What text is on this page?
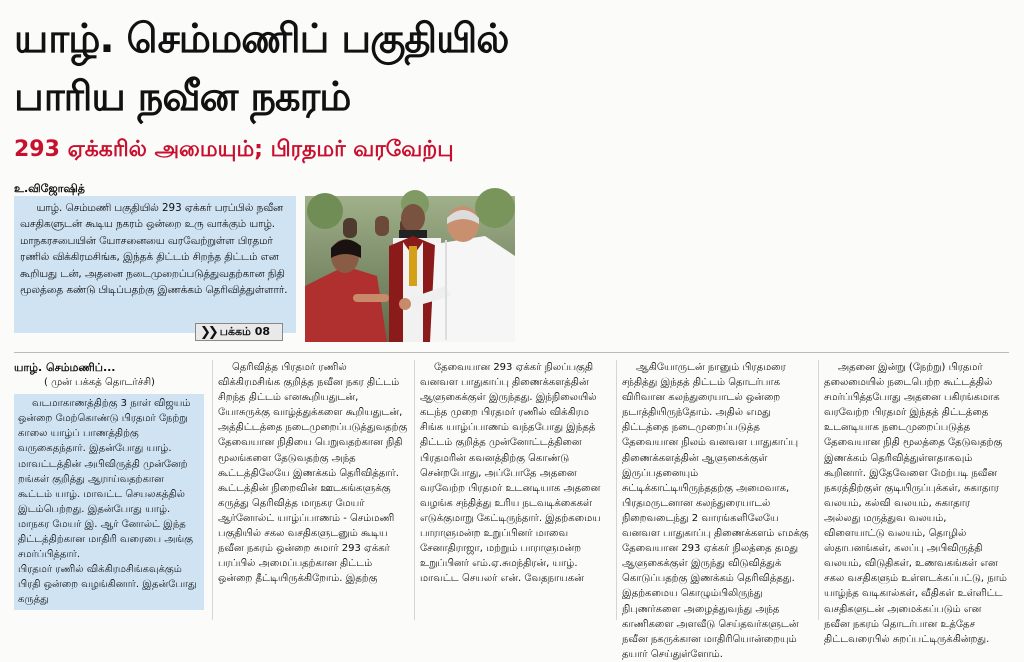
யாழ். செம்மணிப் பகுதியில்
பாரிய நவீன நகரம்
293 ஏக்கரில் அமையும்; பிரதமர் வரவேற்பு
உ.விஜோஷித்

யாழ். செம்மணி பகுதியில் 293 ஏக்கர் பரப்பில் நவீன வசதிகளுடன் கூடிய நகரம் ஒன்றை உரு வாக்கும் யாழ். மாநகரசபையின் யோசனையை வரவேற்றுள்ள பிரதமர் ரணில் விக்கிரமசிங்க, இந்தக் திட்டம் சிறந்த திட்டம் என கூறியது டன், அதனை நடைமுறைப்படுத்துவதற்கான நிதி மூலத்தை கண்டு பிடிப்பதற்கு இணக்கம் தெரிவித்துள்ளார்.

❯❯ பக்கம் 08

யாழ். செம்மணிப்...

( முன் பக்கத் தொடர்ச்சி)

வடமாகாணத்திற்கு 3 நாள் விஜயம் ஒன்றை மேற்கொண்டு பிரதமர் நேற்று காலை யாழ்ப் பாணத்திற்கு வருகைதந்தார். இதன்போது யாழ். மாவட்டத்தின் அபிவிருத்தி முன்னேற் றங்கள் குறித்து ஆராய்வதற்கான கூட்டம் யாழ். மாவட்ட செயலகத்தில் இடம்பெற்றது. இதன்போது யாழ். மாநகர மேயர் இ. ஆர் னோல்ட் இந்த திட்டத்திற்கான மாதிரி வரைபை அங்கு சமர்ப்பித்தார்.
பிரதமர் ரணில் விக்கிரமசிங்கவுக்கும் பிரதி ஒன்றை வழங்கினார். இதன்போது கருத்து

தெரிவித்த பிரதமர் ரணில் விக்கிரமசிங்க குறித்த நவீன நகர திட்டம் சிறந்த திட்டம் எனகூறியதுடன், யோசுருக்கு வாழ்த்துக்களை கூறியதுடன், அத்திட்டத்தை நடைமுறைப்படுத்துவதற்கு தேவையான நிதியை பெறுவதற்கான நிதி மூலங்களை தேடுவதற்கு அந்த கூட்டத்திலேயே இணக்கம் தெரிவித்தார்.
கூட்டத்தின் நிறைவின் ஊடகங்களுக்கு கருத்து தெரிவித்த மாநகர மேயர் ஆர்னோல்ட் யாழ்ப்பாணம் - செம்மணி பகுதியில் சகல வசதிகளுடனும் கூடிய நவீன நகரம் ஒன்றை சுமார் 293 ஏக்கர் பரப்பில் அமைப்பதற்கான திட்டம் ஒன்றை தீட்டியிருக்கிறோம். இதற்கு

தேவையான 293 ஏக்கர் நிலப்பகுதி வனவள பாதுகாப்பு திணைக்களத்தின் ஆளுகைக்குள் இருந்தது. இந்நிலையில் கடந்த முறை பிரதமர் ரணில் விக்கிரம சிங்க யாழ்ப்பாணம் வந்தபோது இந்தத் திட்டம் குறித்த முன்னோட்டத்தினை பிரதமரின் கவனத்திற்கு கொண்டு சென்றபோது, அப்போதே அதனை வரவேற்ற பிரதமர் உடனடியாக அதனை வழங்க சந்தித்து உரிய நடவடிக்கைகள் எடுக்குமாறு கேட்டிருந்தார். இதற்கமைய பாராளுமன்ற உறுப்பினர் மாவை சேனாதிராஜா, மற்றும் பாராளுமன்ற உறுப்பினர் எம்.ஏ.சுமந்திரன், யாழ். மாவட்ட செயலர் என். வேதநாயகன்

ஆகியோருடன் நானும் பிரதமரை சந்தித்து இந்தத் திட்டம் தொடர்பாக விரிவான கலந்துரையாடல் ஒன்றை நடாத்தியிருந்தோம். அதில் எமது திட்டத்தை நடைமுறைப்படுத்த தேவையான நிலம் வனவள பாதுகாப்பு திணைக்களத்தின் ஆளுகைக்குள் இருப்பதனையும் சுட்டிக்காட்டியிருந்ததற்கு அமைவாக, பிரதமருடனான கலந்துரையாடல் நிறைவடைந்து 2 வாரங்களிலேயே வனவள பாதுகாப்பு திணைக்களம் எமக்கு தேவையான 293 ஏக்கர் நிலத்தை தமது ஆளுகைக்குள் இருந்து விடுவித்துக் கொடுப்பதற்கு இணக்கம் தெரிவித்தது.
இதற்கமைய கொழும்பிலிருந்து நிபுணர்களை அழைத்துவந்து அந்த காணிகளை அளவீடு செய்தவர்களுடன் நவீன நகருக்கான மாதிரியொன்றையும் தயார் செய்துள்ளோம்.

அதனை இன்று (நேற்று) பிரதமர் தலைமையில் நடைபெற்ற கூட்டத்தில் சமர்ப்பித்தபோது அதனை பகிரங்கமாக வரவேற்ற பிரதமர் இந்தத் திட்டத்தை உடனடியாக நடைமுறைப்படுத்த தேவையான நிதி மூலத்தை தேடுவதற்கு இணக்கம் தெரிவித்துள்ளதாகவும் கூறினார். இதேவேளை மேற்படி நவீன நகரத்திற்குள் குடியிருப்புக்கள், சுகாதார வலயம், கல்வி வலயம், சுகாதார அல்லது மருத்துவ வலயம், விளையாட்டு வலயம், தொழில் ஸ்தாபனங்கள், கலப்பு அபிவிருத்தி வலயம், விடுதிகள், உணவகங்கள் என சகல வசதிகளும் உள்ளடக்கப்பட்டு, நாம் யாழ்ந்த வடிகால்கள், வீதிகள் உள்ளிட்ட வசதிகளுடன் அமைக்கப்படும் என நவீன நகரம் தொடர்பான உத்தேச திட்டவரைபில் சுறப்பட்டிருக்கின்றது.
